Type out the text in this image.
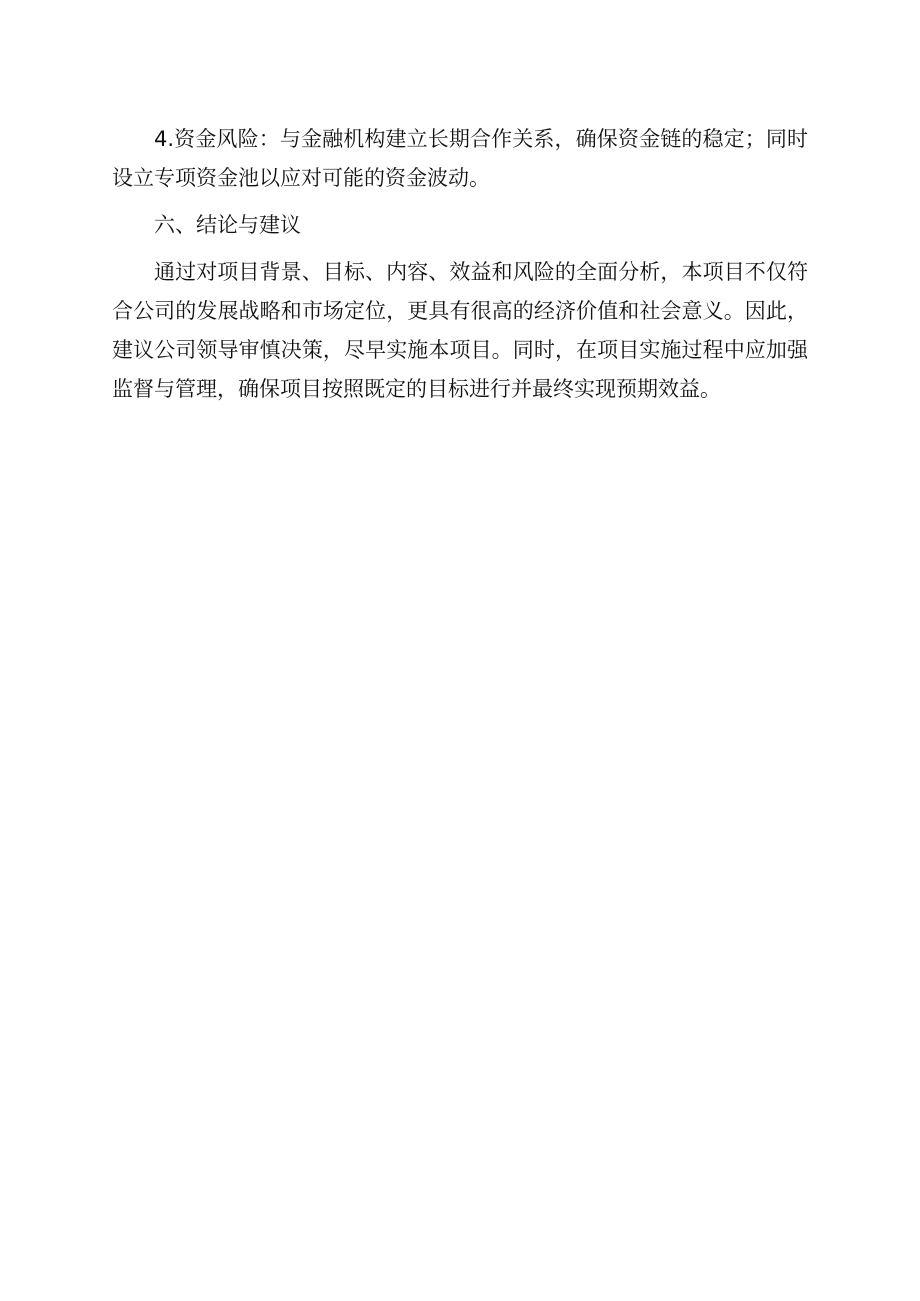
4.资金风险：与金融机构建立长期合作关系，确保资金链的稳定；同时设立专项资金池以应对可能的资金波动。

六、结论与建议

通过对项目背景、目标、内容、效益和风险的全面分析，本项目不仅符合公司的发展战略和市场定位，更具有很高的经济价值和社会意义。因此，建议公司领导审慎决策，尽早实施本项目。同时，在项目实施过程中应加强监督与管理，确保项目按照既定的目标进行并最终实现预期效益。
